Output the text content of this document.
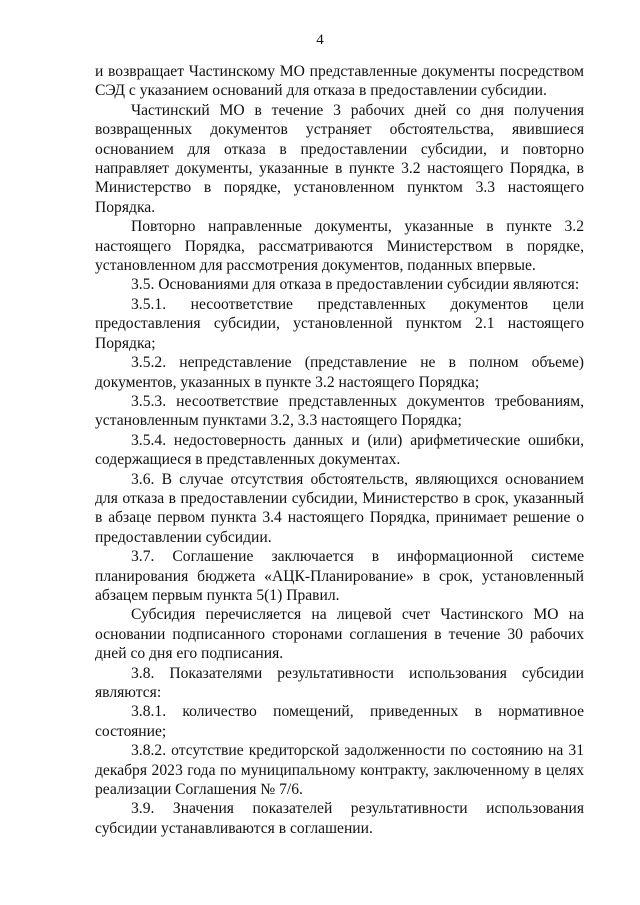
4

и возвращает Частинскому МО представленные документы посредством СЭД с указанием оснований для отказа в предоставлении субсидии.

Частинский МО в течение 3 рабочих дней со дня получения возвращенных документов устраняет обстоятельства, явившиеся основанием для отказа в предоставлении субсидии, и повторно направляет документы, указанные в пункте 3.2 настоящего Порядка, в Министерство в порядке, установленном пунктом 3.3 настоящего Порядка.

Повторно направленные документы, указанные в пункте 3.2 настоящего Порядка, рассматриваются Министерством в порядке, установленном для рассмотрения документов, поданных впервые.

3.5. Основаниями для отказа в предоставлении субсидии являются:

3.5.1. несоответствие представленных документов цели предоставления субсидии, установленной пунктом 2.1 настоящего Порядка;

3.5.2. непредставление (представление не в полном объеме) документов, указанных в пункте 3.2 настоящего Порядка;

3.5.3. несоответствие представленных документов требованиям, установленным пунктами 3.2, 3.3 настоящего Порядка;

3.5.4. недостоверность данных и (или) арифметические ошибки, содержащиеся в представленных документах.

3.6. В случае отсутствия обстоятельств, являющихся основанием для отказа в предоставлении субсидии, Министерство в срок, указанный в абзаце первом пункта 3.4 настоящего Порядка, принимает решение о предоставлении субсидии.

3.7. Соглашение заключается в информационной системе планирования бюджета «АЦК-Планирование» в срок, установленный абзацем первым пункта 5(1) Правил.

Субсидия перечисляется на лицевой счет Частинского МО на основании подписанного сторонами соглашения в течение 30 рабочих дней со дня его подписания.

3.8. Показателями результативности использования субсидии являются:

3.8.1. количество помещений, приведенных в нормативное состояние;

3.8.2. отсутствие кредиторской задолженности по состоянию на 31 декабря 2023 года по муниципальному контракту, заключенному в целях реализации Соглашения № 7/6.

3.9. Значения показателей результативности использования субсидии устанавливаются в соглашении.
